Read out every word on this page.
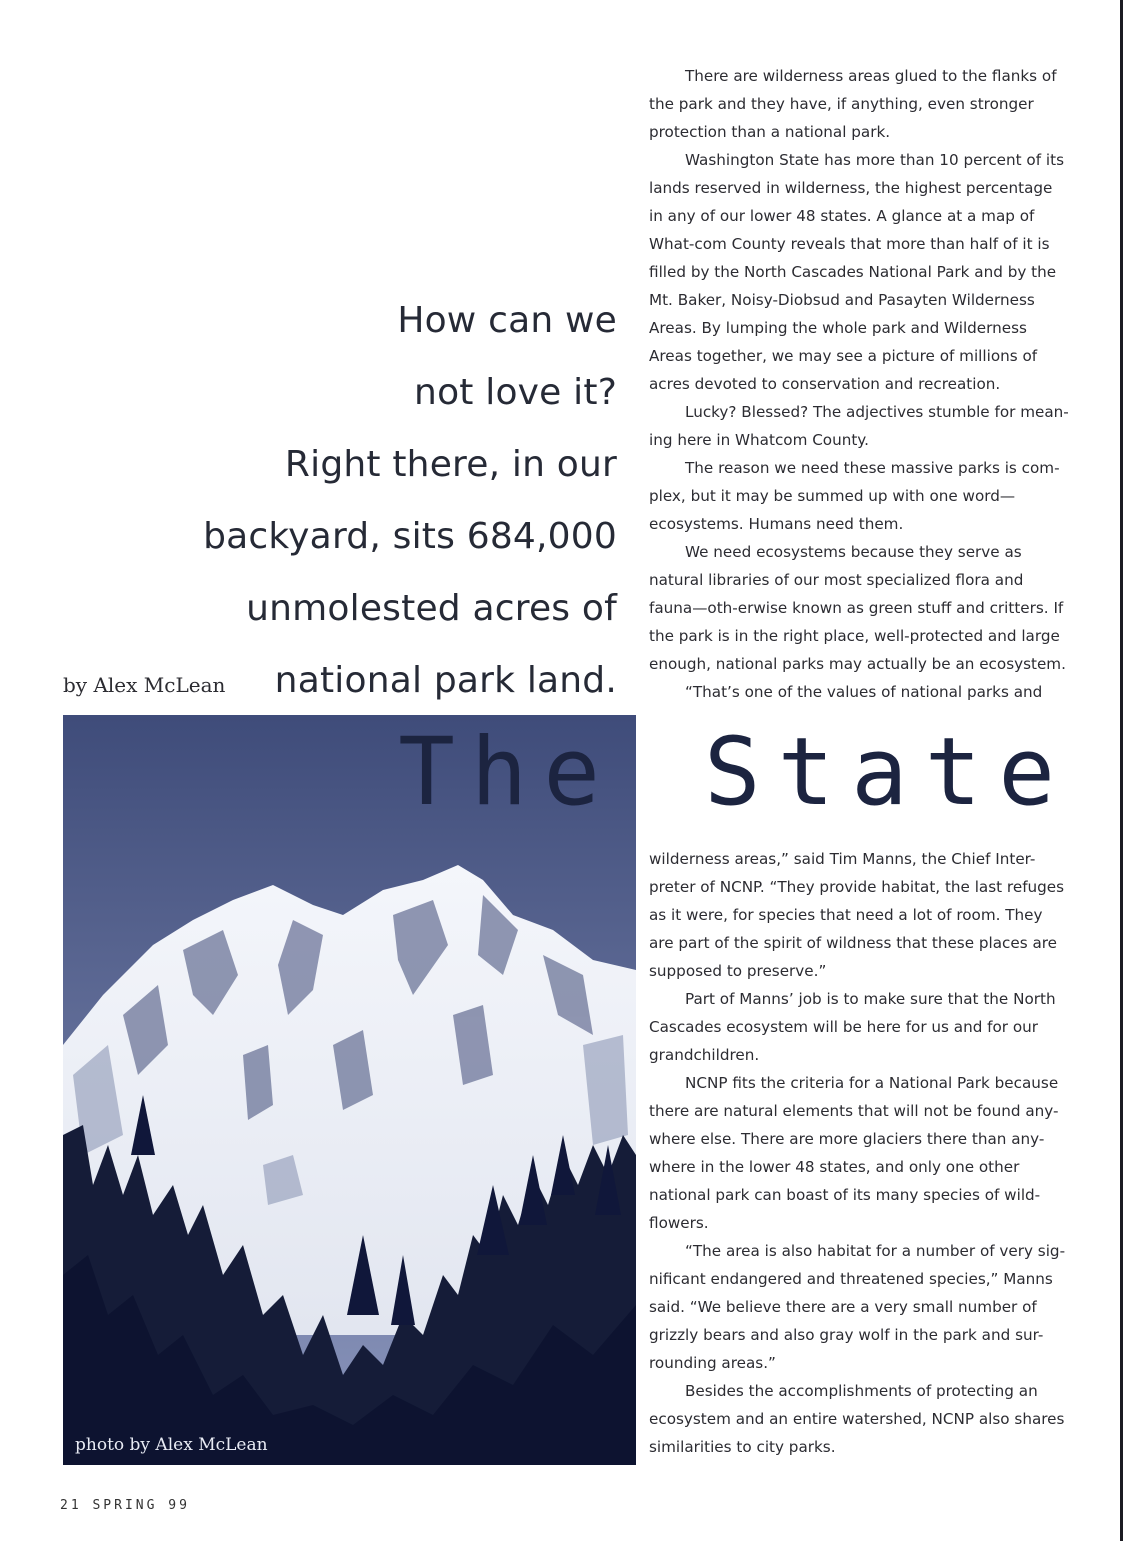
How can we
not love it?
Right there, in our
backyard, sits 684,000
unmolested acres of
national park land.
by Alex McLean

There are wilderness areas glued to the flanks of the park and they have, if anything, even stronger protection than a national park.

Washington State has more than 10 percent of its lands reserved in wilderness, the highest percentage in any of our lower 48 states. A glance at a map of What-com County reveals that more than half of it is filled by the North Cascades National Park and by the Mt. Baker, Noisy-Diobsud and Pasayten Wilderness Areas. By lumping the whole park and Wilderness Areas together, we may see a picture of millions of acres devoted to conservation and recreation.

Lucky? Blessed? The adjectives stumble for mean-ing here in Whatcom County.

The reason we need these massive parks is com-plex, but it may be summed up with one word— ecosystems. Humans need them.

We need ecosystems because they serve as natural libraries of our most specialized flora and fauna—oth-erwise known as green stuff and critters. If the park is in the right place, well-protected and large enough, national parks may actually be an ecosystem.

“That’s one of the values of national parks and

The
photo by Alex McLean
State

wilderness areas,” said Tim Manns, the Chief Inter-preter of NCNP. “They provide habitat, the last refuges as it were, for species that need a lot of room. They are part of the spirit of wildness that these places are supposed to preserve.”

Part of Manns’ job is to make sure that the North Cascades ecosystem will be here for us and for our grandchildren.

NCNP fits the criteria for a National Park because there are natural elements that will not be found any-where else. There are more glaciers there than any-where in the lower 48 states, and only one other national park can boast of its many species of wild-flowers.

“The area is also habitat for a number of very sig-nificant endangered and threatened species,” Manns said. “We believe there are a very small number of grizzly bears and also gray wolf in the park and sur-rounding areas.”

Besides the accomplishments of protecting an ecosystem and an entire watershed, NCNP also shares similarities to city parks.

21 SPRING 99
